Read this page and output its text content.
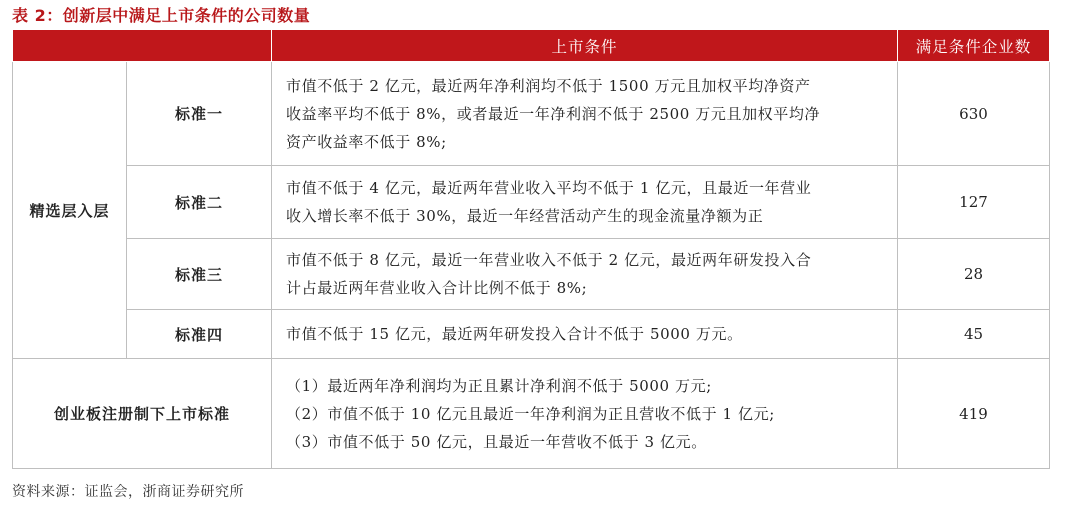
表 2：创新层中满足上市条件的公司数量
		上市条件	满足条件企业数
精选层入层	标准一	市值不低于 2 亿元，最近两年净利润均不低于 1500 万元且加权平均净资产
收益率平均不低于 8%，或者最近一年净利润不低于 2500 万元且加权平均净
资产收益率不低于 8%;	630
	标准二	市值不低于 4 亿元，最近两年营业收入平均不低于 1 亿元，且最近一年营业
收入增长率不低于 30%，最近一年经营活动产生的现金流量净额为正	127
	标准三	市值不低于 8 亿元，最近一年营业收入不低于 2 亿元，最近两年研发投入合
计占最近两年营业收入合计比例不低于 8%;	28
	标准四	市值不低于 15 亿元，最近两年研发投入合计不低于 5000 万元。	45
创业板注册制下上市标准		（1）最近两年净利润均为正且累计净利润不低于 5000 万元;
（2）市值不低于 10 亿元且最近一年净利润为正且营收不低于 1 亿元;
（3）市值不低于 50 亿元，且最近一年营收不低于 3 亿元。	419
资料来源：证监会，浙商证券研究所
